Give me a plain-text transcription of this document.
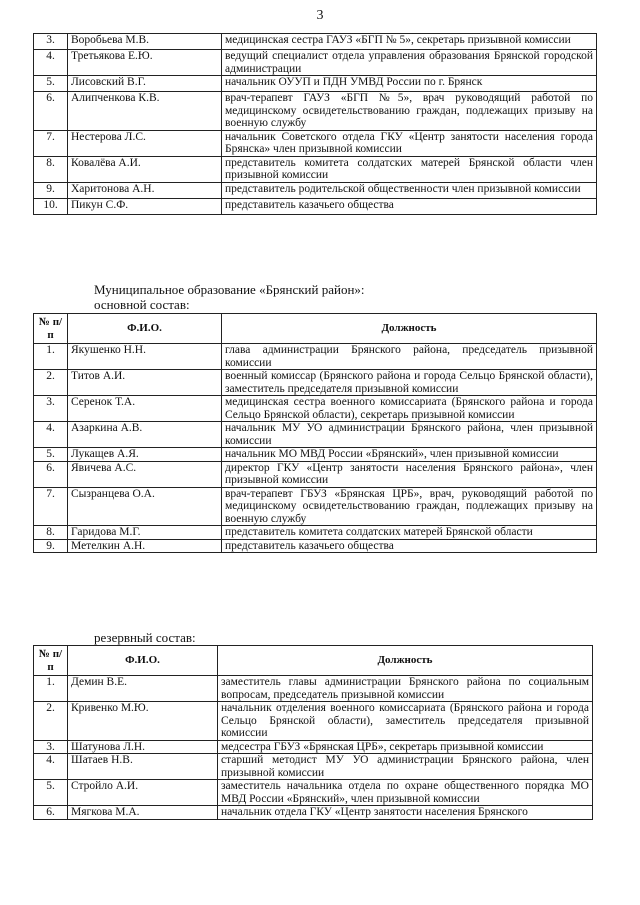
3
3.	Воробьева М.В.	медицинская сестра ГАУЗ «БГП № 5», секретарь призывной комиссии
4.	Третьякова Е.Ю.	ведущий специалист отдела управления образования Брянской городской администрации
5.	Лисовский В.Г.	начальник ОУУП и ПДН УМВД России по г. Брянск
6.	Алипченкова К.В.	врач-терапевт ГАУЗ «БГП №5», врач руководящий работой по медицинскому освидетельствованию граждан, подлежащих призыву на военную службу
7.	Нестерова Л.С.	начальник Советского отдела ГКУ «Центр занятости населения города Брянска» член призывной комиссии
8.	Ковалёва А.И.	представитель комитета солдатских матерей Брянской области член призывной комиссии
9.	Харитонова А.Н.	представитель родительской общественности член призывной комиссии
10.	Пикун С.Ф.	представитель казачьего общества
Муниципальное образование «Брянский район»:
основной состав:
№ п/п	Ф.И.О.	Должность
1.	Якушенко Н.Н.	глава администрации Брянского района, председатель призывной комиссии
2.	Титов А.И.	военный комиссар (Брянского района и города Сельцо Брянской области), заместитель председателя призывной комиссии
3.	Серенок Т.А.	медицинская сестра военного комиссариата (Брянского района и города Сельцо Брянской области), секретарь призывной комиссии
4.	Азаркина А.В.	начальник МУ УО администрации Брянского района, член призывной комиссии
5.	Лукащев А.Я.	начальник МО МВД России «Брянский», член призывной комиссии
6.	Явичева А.С.	директор ГКУ «Центр занятости населения Брянского района», член призывной комиссии
7.	Сызранцева О.А.	врач-терапевт ГБУЗ «Брянская ЦРБ», врач, руководящий работой по медицинскому освидетельствованию граждан, подлежащих призыву на военную службу
8.	Гаридова М.Г.	представитель комитета солдатских матерей Брянской области
9.	Метелкин А.Н.	представитель казачьего общества
резервный состав:
№ п/п	Ф.И.О.	Должность
1.	Демин В.Е.	заместитель главы администрации Брянского района по социальным вопросам, председатель призывной комиссии
2.	Кривенко М.Ю.	начальник отделения военного комиссариата (Брянского района и города Сельцо Брянской области), заместитель председателя призывной комиссии
3.	Шатунова Л.Н.	медсестра ГБУЗ «Брянская ЦРБ», секретарь призывной комиссии
4.	Шатаев Н.В.	старший методист МУ УО администрации Брянского района, член призывной комиссии
5.	Стройло А.И.	заместитель начальника отдела по охране общественного порядка МО МВД России «Брянский», член призывной комиссии
6.	Мягкова М.А.	начальник отдела ГКУ «Центр занятости населения Брянского
